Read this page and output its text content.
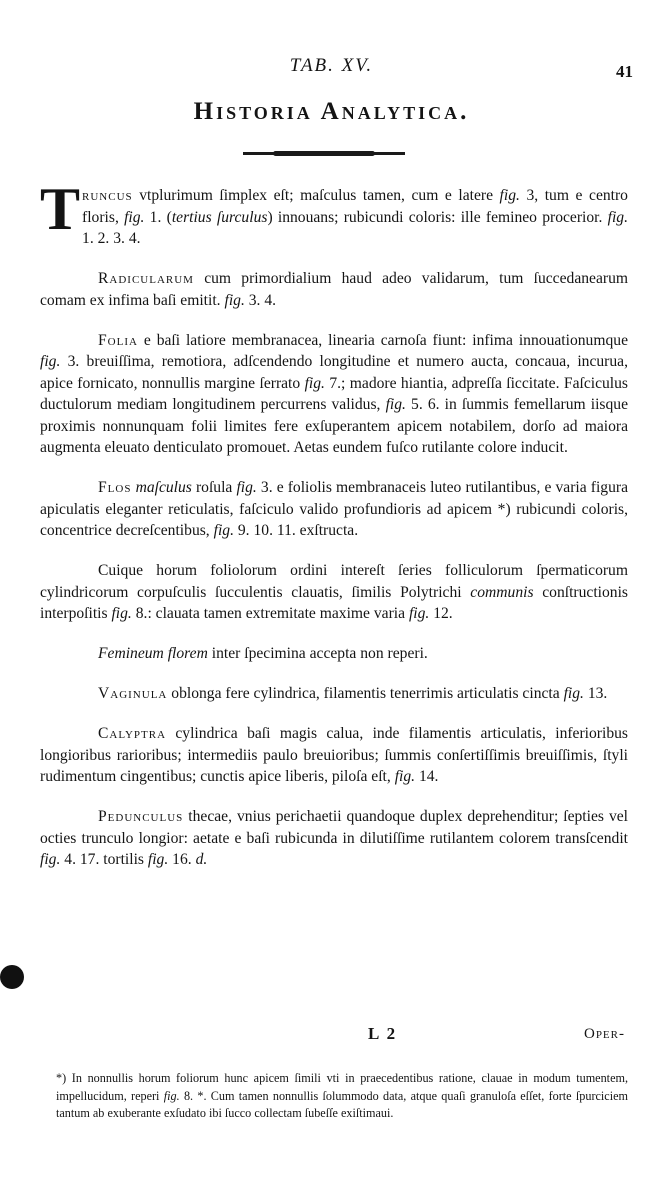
TAB. XV.	41
Historia Analytica.

Truncus vtplurimum ſimplex eſt; maſculus tamen, cum e latere fig. 3, tum e centro floris, fig. 1. (tertius ſurculus) innouans; rubicundi coloris: ille femineo procerior. fig. 1. 2. 3. 4.

Radicularum cum primordialium haud adeo validarum, tum ſuccedanearum comam ex infima baſi emitit. fig. 3. 4.

Folia e baſi latiore membranacea, linearia carnoſa fiunt: infima innouationumque fig. 3. breuiſſima, remotiora, adſcendendo longitudine et numero aucta, concaua, incurua, apice fornicato, nonnullis margine ſerrato fig. 7.; madore hiantia, adpreſſa ſiccitate. Faſciculus ductulorum mediam longitudinem percurrens validus, fig. 5. 6. in ſummis femellarum iisque proximis nonnunquam folii limites fere exſuperantem apicem notabilem, dorſo ad maiora augmenta eleuato denticulato promouet. Aetas eundem fuſco rutilante colore inducit.

Flos maſculus roſula fig. 3. e foliolis membranaceis luteo rutilantibus, e varia figura apiculatis eleganter reticulatis, faſciculo valido profundioris ad apicem *) rubicundi coloris, concentrice decreſcentibus, fig. 9. 10. 11. exſtructa.

Cuique horum foliolorum ordini intereſt ſeries folliculorum ſpermaticorum cylindricorum corpuſculis ſucculentis clauatis, ſimilis Polytrichi communis conſtructionis interpoſitis fig. 8.: clauata tamen extremitate maxime varia fig. 12.

Femineum florem inter ſpecimina accepta non reperi.

Vaginula oblonga fere cylindrica, filamentis tenerrimis articulatis cincta fig. 13.

Calyptra cylindrica baſi magis calua, inde filamentis articulatis, inferioribus longioribus rarioribus; intermediis paulo breuioribus; ſummis conſertiſſimis breuiſſimis, ſtyli rudimentum cingentibus; cunctis apice liberis, piloſa eſt, fig. 14.

Pedunculus thecae, vnius perichaetii quandoque duplex deprehenditur; ſepties vel octies trunculo longior: aetate e baſi rubicunda in dilutiſſime rutilantem colorem transſcendit fig. 4. 17. tortilis fig. 16. d.

L 2	Oper-
*) In nonnullis horum foliorum hunc apicem ſimili vti in praecedentibus ratione, clauae in modum tumentem, impellucidum, reperi fig. 8. *. Cum tamen nonnullis ſolummodo data, atque quaſi granuloſa eſſet, forte ſpurciciem tantum ab exuberante exſudato ibi ſucco collectam ſubeſſe exiſtimaui.
